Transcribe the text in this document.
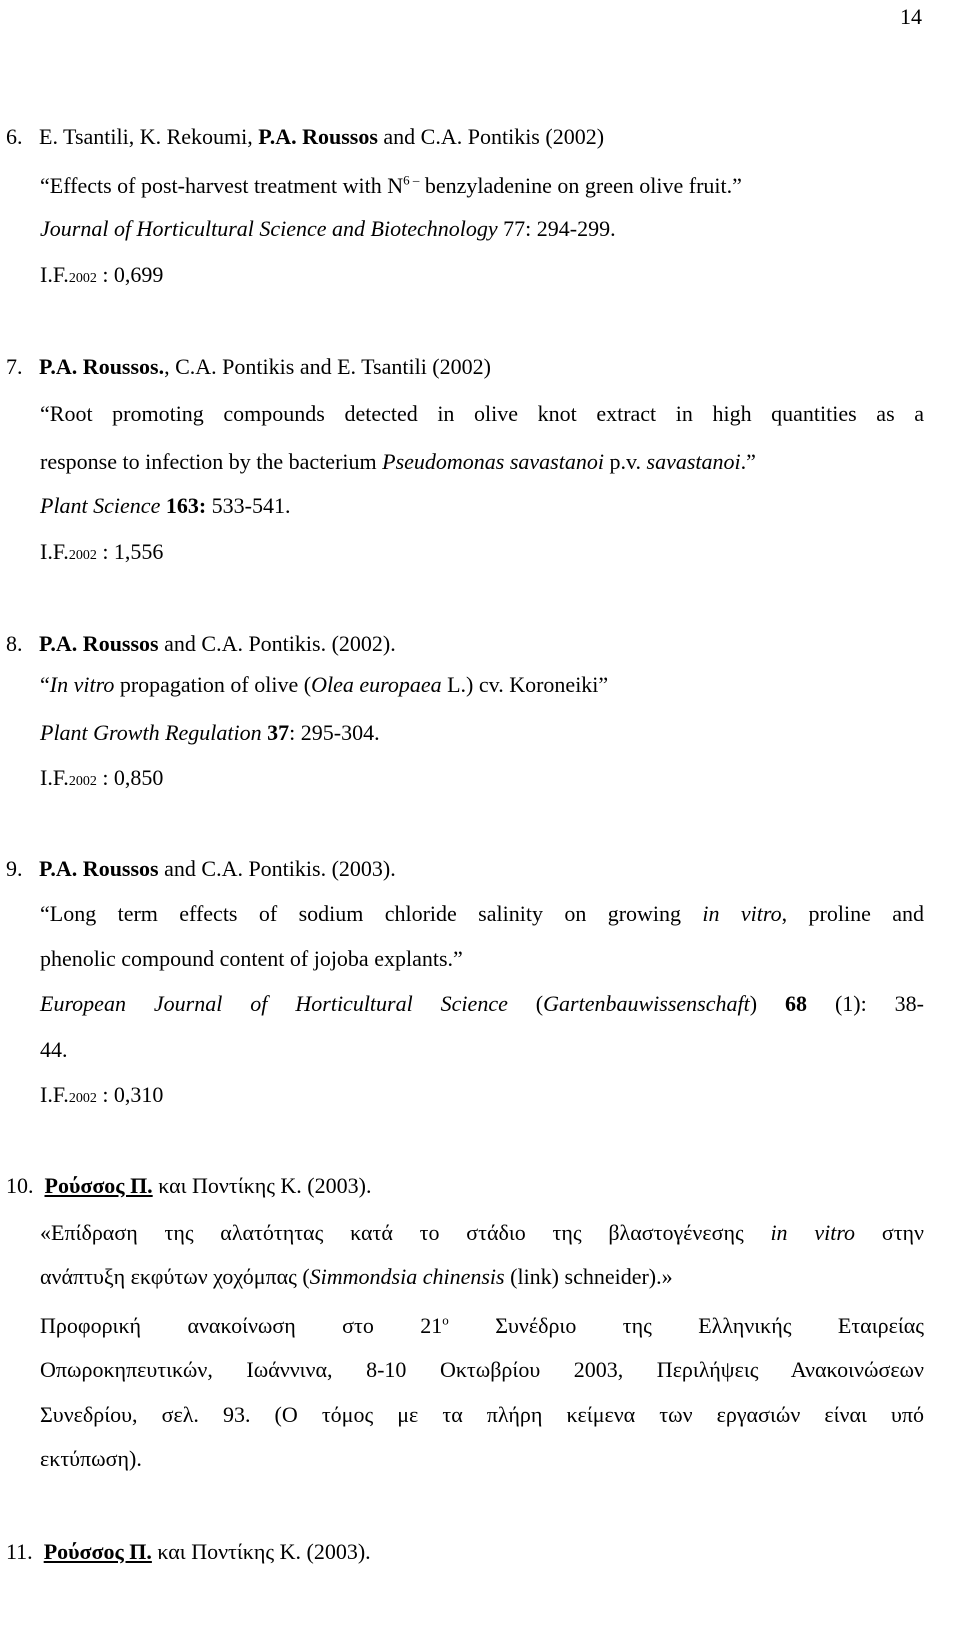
14
6. E. Tsantili, K. Rekoumi, P.A. Roussos and C.A. Pontikis (2002)
“Effects of post-harvest treatment with $N^{6 -}$ benzyladenine on green olive fruit.”
Journal of Horticultural Science and Biotechnology 77: 294-299.
I.F.2002 : 0,699
7. P.A. Roussos., C.A. Pontikis and E. Tsantili (2002)
“Root promoting compounds detected in olive knot extract in high quantities as a
response to infection by the bacterium Pseudomonas savastanoi p.v. savastanoi.”
Plant Science 163: 533-541.
I.F.2002 : 1,556
8. P.A. Roussos and C.A. Pontikis. (2002).
“In vitro propagation of olive (Olea europaea L.) cv. Koroneiki”
Plant Growth Regulation 37: 295-304.
I.F.2002 : 0,850
9. P.A. Roussos and C.A. Pontikis. (2003).
“Long term effects of sodium chloride salinity on growing in vitro, proline and
phenolic compound content of jojoba explants.”
European Journal of Horticultural Science (Gartenbauwissenschaft) 68 (1): 38-
44.
I.F.2002 : 0,310
10. Ρούσσος Π. και Ποντίκης Κ. (2003).
«Επίδραση της αλατότητας κατά το στάδιο της βλαστογένεσης in vitro στην
ανάπτυξη εκφύτων χοχόμπας (Simmondsia chinensis (link) schneider).»
Προφορική ανακοίνωση στο $21^o$ Συνέδριο της Ελληνικής Εταιρείας
Οπωροκηπευτικών, Ιωάννινα, 8-10 Οκτωβρίου 2003, Περιλήψεις Ανακοινώσεων
Συνεδρίου, σελ. 93. (Ο τόμος με τα πλήρη κείμενα των εργασιών είναι υπό
εκτύπωση).
11. Ρούσσος Π. και Ποντίκης Κ. (2003).
